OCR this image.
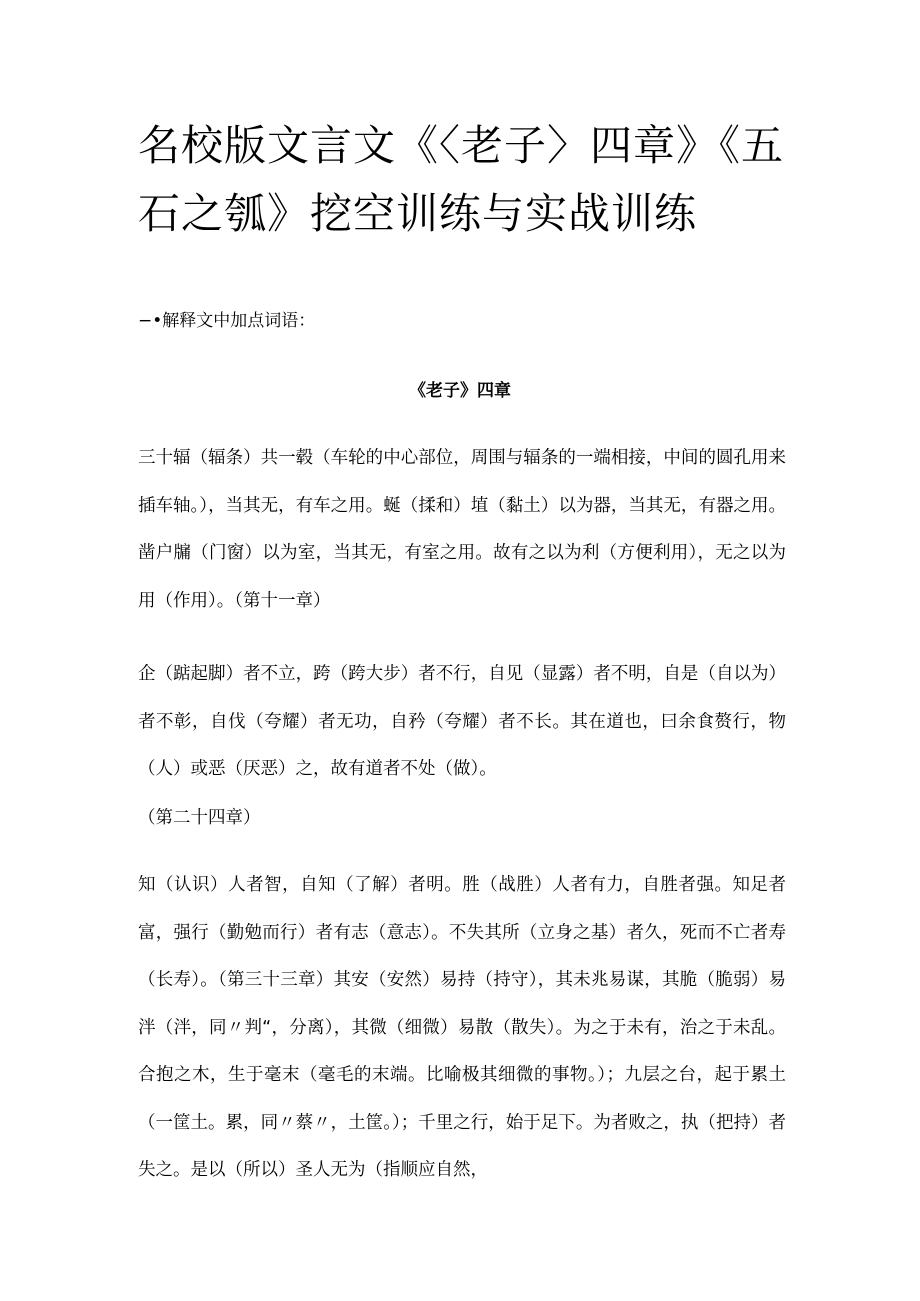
名校版文言文《〈老子〉四章》《五石之瓠》挖空训练与实战训练
−•解释文中加点词语：
《老子》四章

三十辐（辐条）共一毂（车轮的中心部位，周围与辐条的一端相接，中间的圆孔用来插车轴。），当其无，有车之用。蜒（揉和）埴（黏土）以为器，当其无，有器之用。凿户牖（门窗）以为室，当其无，有室之用。故有之以为利（方便利用），无之以为用（作用）。（第十一章）

企（踮起脚）者不立，跨（跨大步）者不行，自见（显露）者不明，自是（自以为）者不彰，自伐（夸耀）者无功，自矜（夸耀）者不长。其在道也，曰余食赘行，物（人）或恶（厌恶）之，故有道者不处（做）。

（第二十四章）

知（认识）人者智，自知（了解）者明。胜（战胜）人者有力，自胜者强。知足者富，强行（勤勉而行）者有志（意志）。不失其所（立身之基）者久，死而不亡者寿（长寿）。（第三十三章）其安（安然）易持（持守），其未兆易谋，其脆（脆弱）易泮（泮，同〃判“，分离），其微（细微）易散（散失）。为之于未有，治之于未乱。合抱之木，生于毫末（毫毛的末端。比喻极其细微的事物。）；九层之台，起于累土（一筐土。累，同〃蔡〃，土筐。）；千里之行，始于足下。为者败之，执（把持）者失之。是以（所以）圣人无为（指顺应自然，
